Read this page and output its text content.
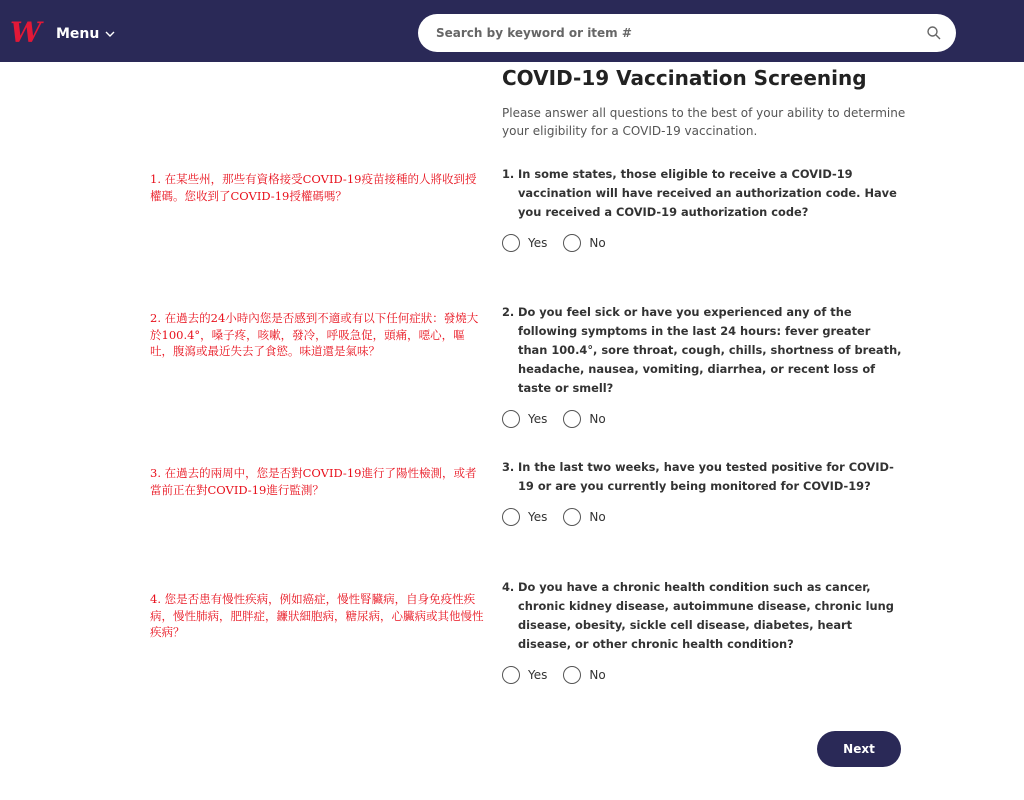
W Menu
Search by keyword or item #
COVID-19 Vaccination Screening
Please answer all questions to the best of your ability to determine your eligibility for a COVID-19 vaccination.
1. 在某些州，那些有資格接受COVID-19疫苗接種的人將收到授權碼。您收到了COVID-19授權碼嗎？
2. 在過去的24小時內您是否感到不適或有以下任何症狀：發燒大於100.4°，嗓子疼，咳嗽，發冷，呼吸急促，頭痛，噁心，嘔吐，腹瀉或最近失去了食慾。味道還是氣味？
3. 在過去的兩周中，您是否對COVID-19進行了陽性檢測，或者當前正在對COVID-19進行監測？
4. 您是否患有慢性疾病，例如癌症，慢性腎臟病，自身免疫性疾病，慢性肺病，肥胖症，鐮狀細胞病，糖尿病，心臟病或其他慢性疾病？
1. In some states, those eligible to receive a COVID-19 vaccination will have received an authorization code. Have you received a COVID-19 authorization code?
Yes	No
2. Do you feel sick or have you experienced any of the following symptoms in the last 24 hours: fever greater than 100.4°, sore throat, cough, chills, shortness of breath, headache, nausea, vomiting, diarrhea, or recent loss of taste or smell?
Yes	No
3. In the last two weeks, have you tested positive for COVID-19 or are you currently being monitored for COVID-19?
Yes	No
4. Do you have a chronic health condition such as cancer, chronic kidney disease, autoimmune disease, chronic lung disease, obesity, sickle cell disease, diabetes, heart disease, or other chronic health condition?
Yes	No
Next
